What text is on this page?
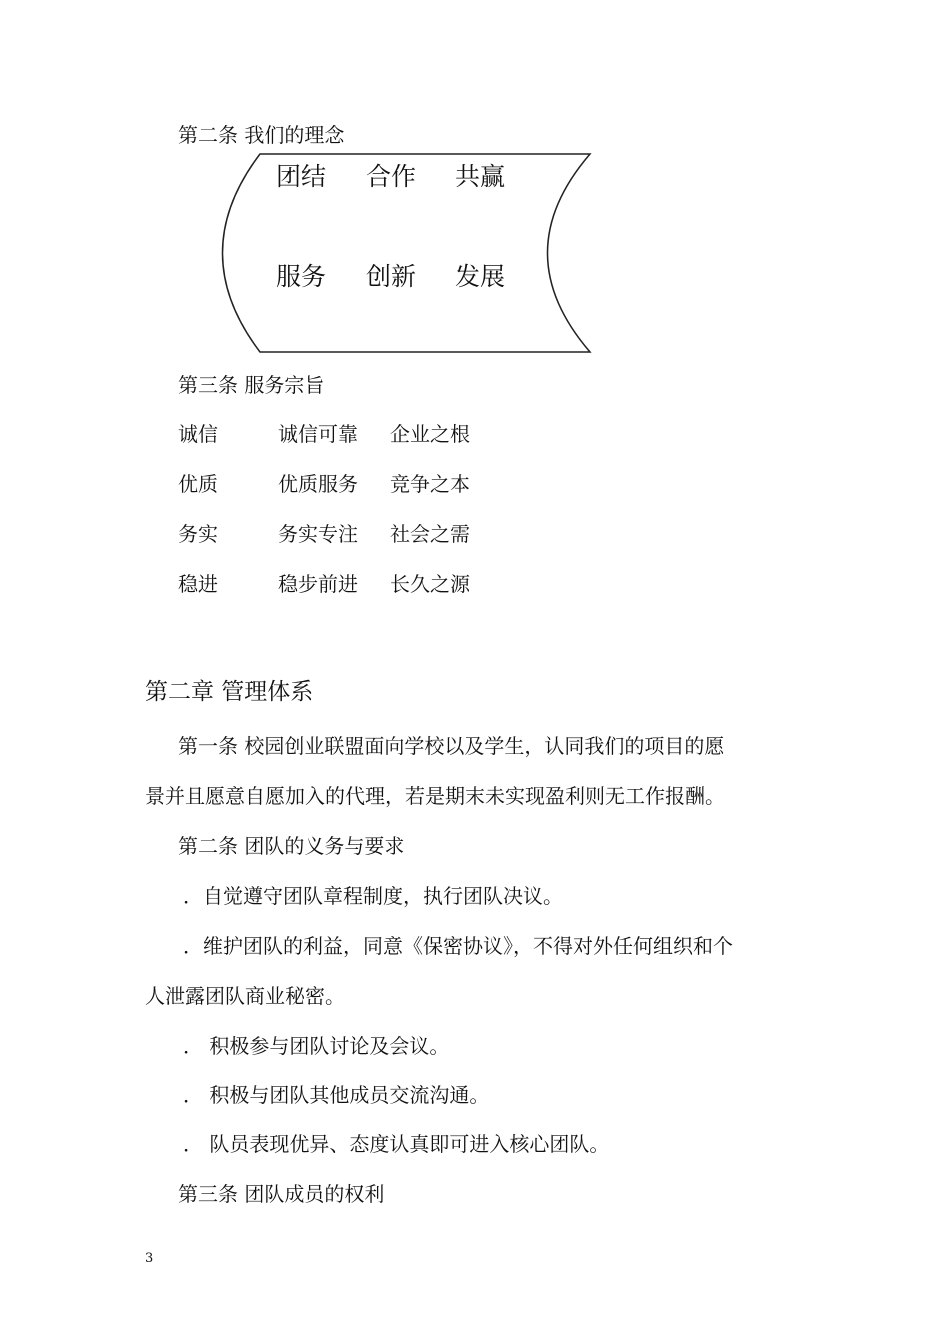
第二条 我们的理念
团结 合作 共赢
服务 创新 发展
第三条 服务宗旨
诚信	诚信可靠 企业之根
优质	优质服务 竞争之本
务实	务实专注 社会之需
稳进	稳步前进 长久之源
第二章 管理体系
第一条 校园创业联盟面向学校以及学生，认同我们的项目的愿
景并且愿意自愿加入的代理，若是期末未实现盈利则无工作报酬。
第二条 团队的义务与要求
．自觉遵守团队章程制度，执行团队决议。
．维护团队的利益，同意《保密协议》，不得对外任何组织和个
人泄露团队商业秘密。
． 积极参与团队讨论及会议。
． 积极与团队其他成员交流沟通。
． 队员表现优异、态度认真即可进入核心团队。
第三条 团队成员的权利
3
